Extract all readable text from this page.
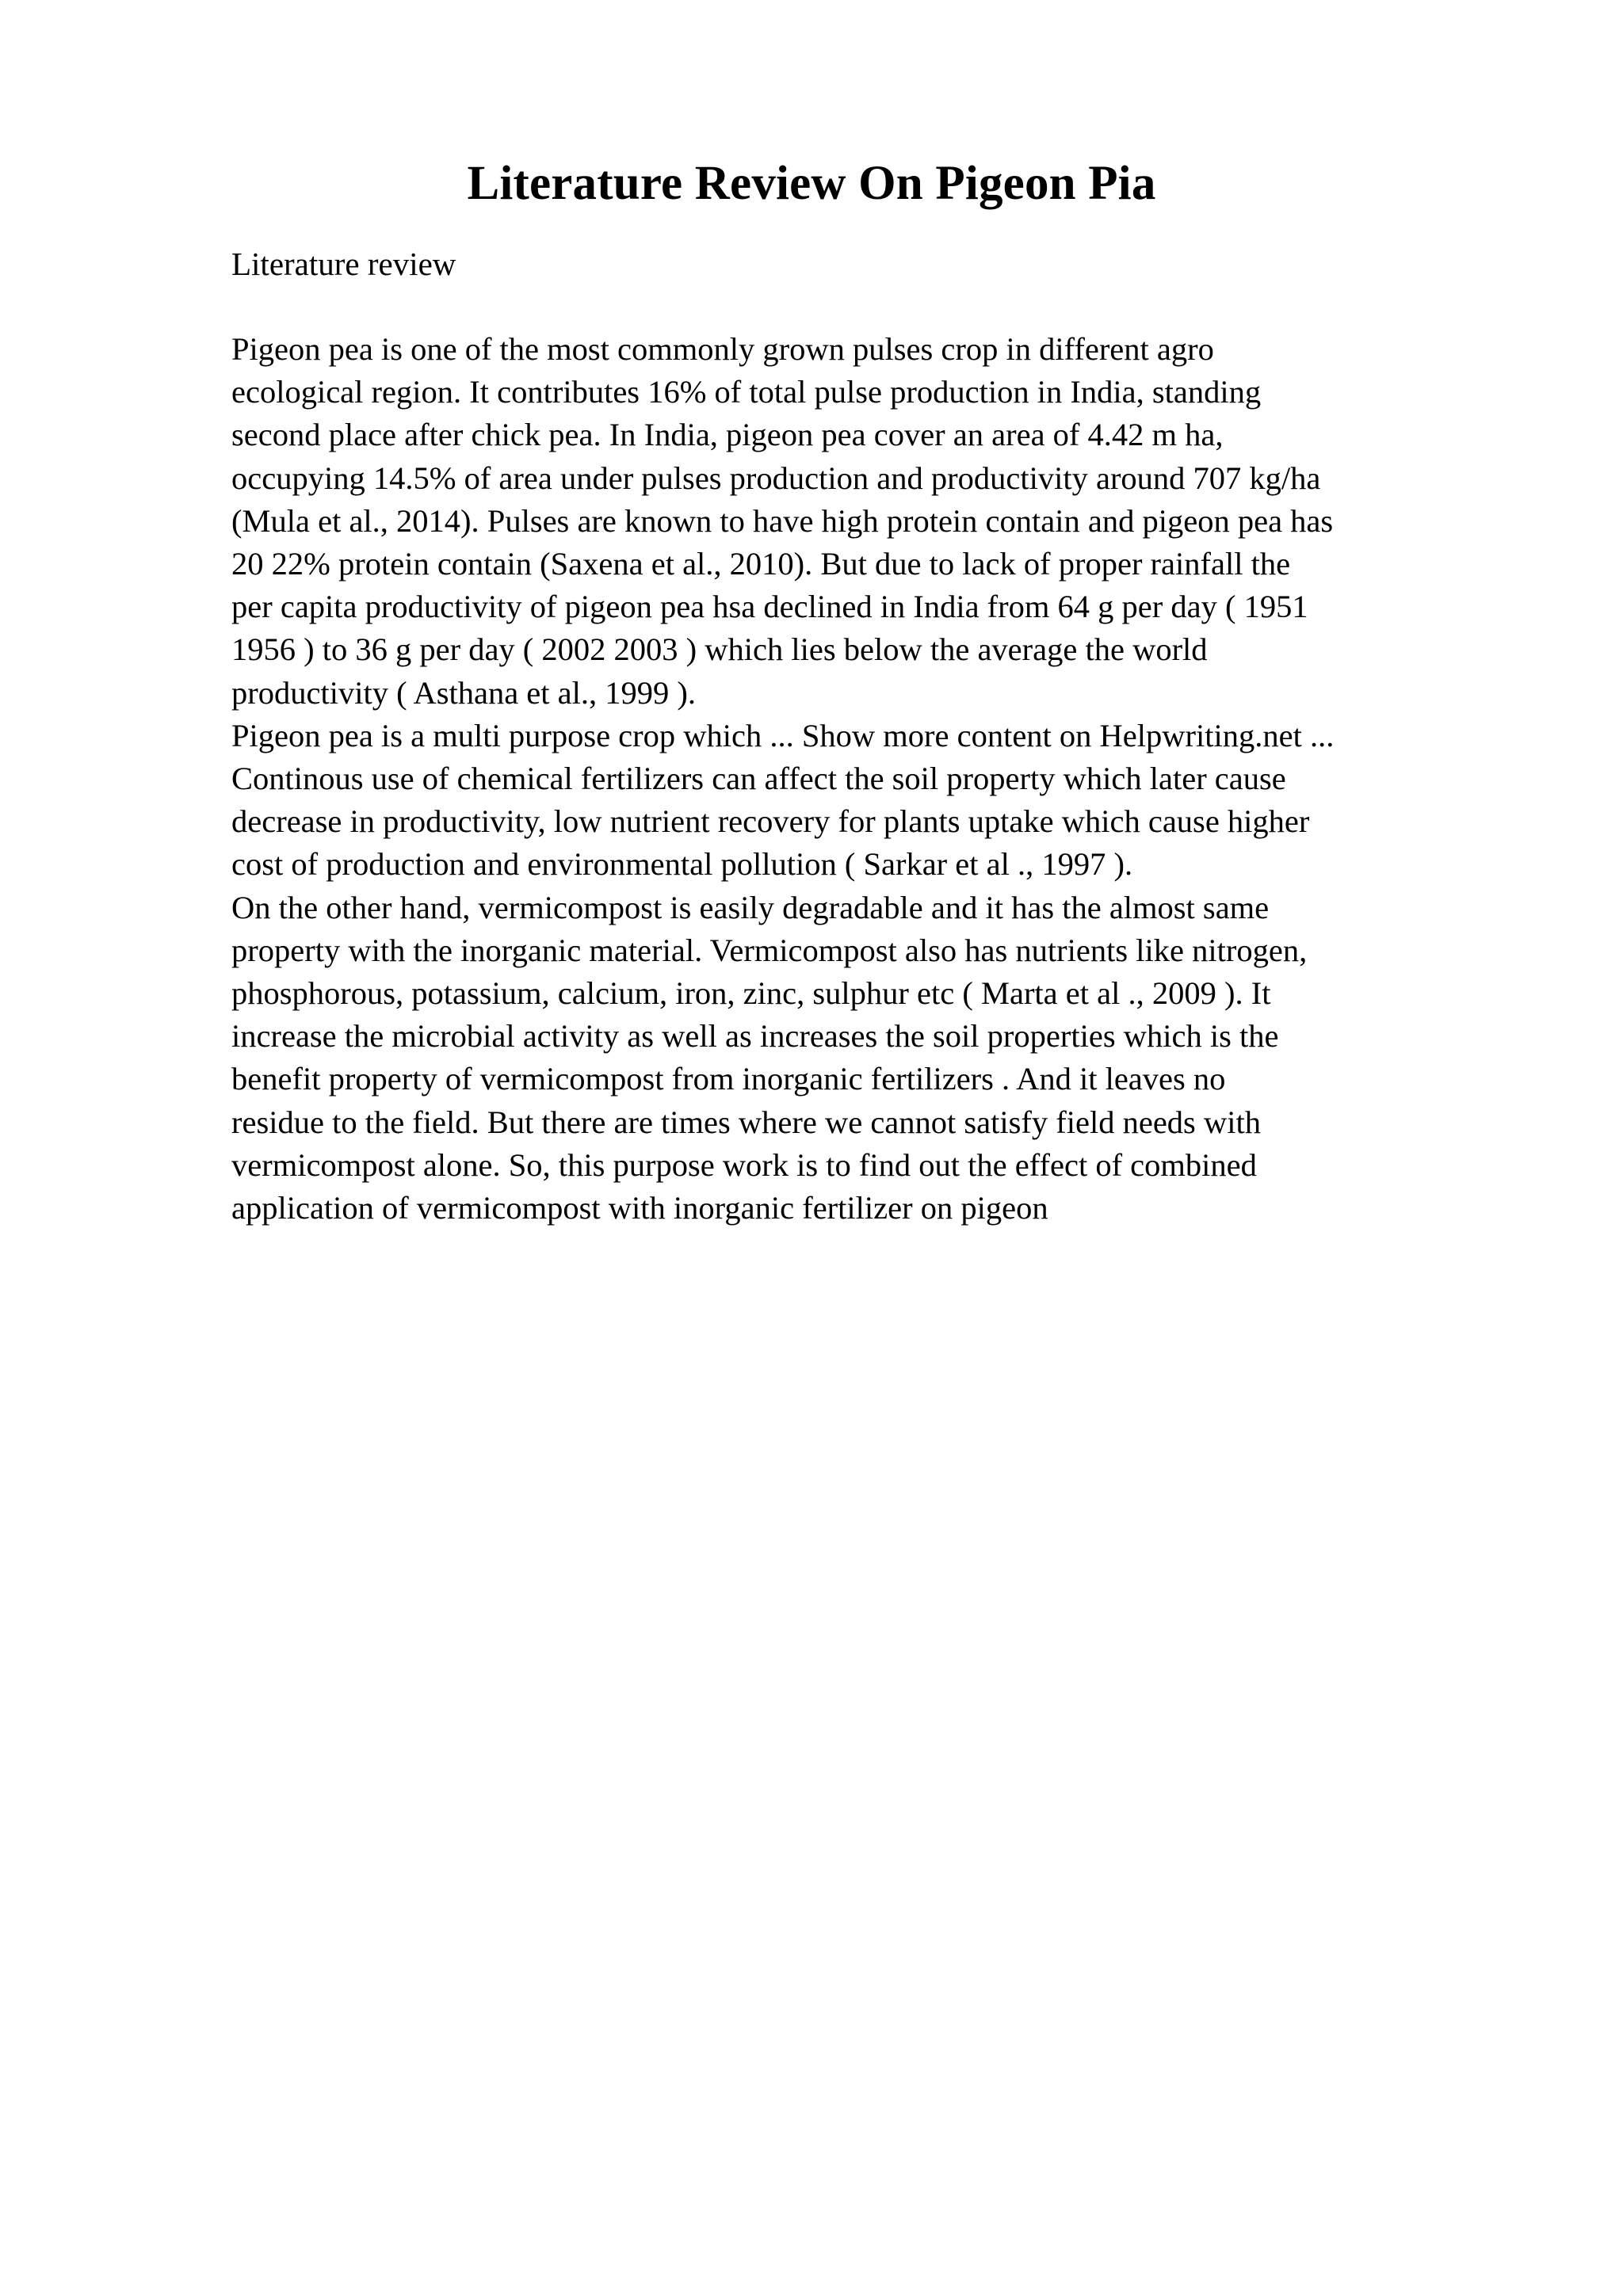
Literature Review On Pigeon Pia

Literature review

Pigeon pea is one of the most commonly grown pulses crop in different agro
ecological region. It contributes 16% of total pulse production in India, standing
second place after chick pea. In India, pigeon pea cover an area of 4.42 m ha,
occupying 14.5% of area under pulses production and productivity around 707 kg/ha
(Mula et al., 2014). Pulses are known to have high protein contain and pigeon pea has
20 22% protein contain (Saxena et al., 2010). But due to lack of proper rainfall the
per capita productivity of pigeon pea hsa declined in India from 64 g per day ( 1951
1956 ) to 36 g per day ( 2002 2003 ) which lies below the average the world
productivity ( Asthana et al., 1999 ).

Pigeon pea is a multi purpose crop which ... Show more content on Helpwriting.net ...
Continous use of chemical fertilizers can affect the soil property which later cause
decrease in productivity, low nutrient recovery for plants uptake which cause higher
cost of production and environmental pollution ( Sarkar et al ., 1997 ).

On the other hand, vermicompost is easily degradable and it has the almost same
property with the inorganic material. Vermicompost also has nutrients like nitrogen,
phosphorous, potassium, calcium, iron, zinc, sulphur etc ( Marta et al ., 2009 ). It
increase the microbial activity as well as increases the soil properties which is the
benefit property of vermicompost from inorganic fertilizers . And it leaves no
residue to the field. But there are times where we cannot satisfy field needs with
vermicompost alone. So, this purpose work is to find out the effect of combined
application of vermicompost with inorganic fertilizer on pigeon
